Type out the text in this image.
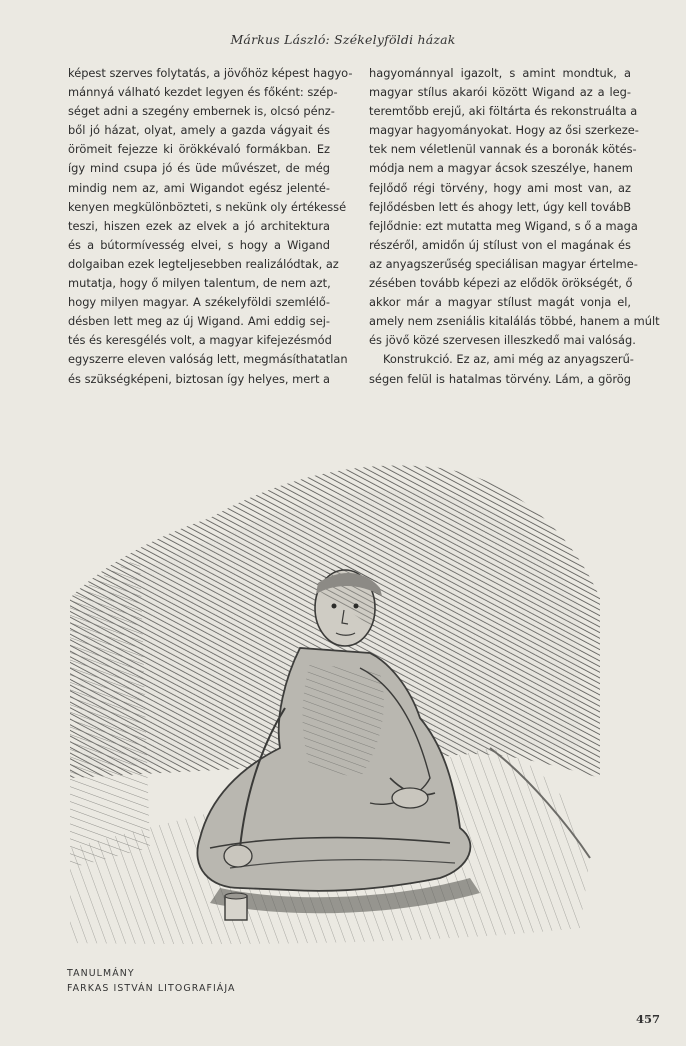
Márkus László: Székelyföldi házak

képest szerves folytatás, a jövőhöz képest hagyo-
mánnyá válható kezdet legyen és főként: szép-
séget adni a szegény embernek is, olcsó pénz-
ből jó házat, olyat, amely a gazda vágyait és
örömeit fejezze ki örökkévaló formákban. Ez
így mind csupa jó és üde művészet, de még
mindig nem az, ami Wigandot egész jelenté-
kenyen megkülönbözteti, s nekünk oly értékessé
teszi, hiszen ezek az elvek a jó architektura
és a bútormívesség elvei, s hogy a Wigand
dolgaiban ezek legteljesebben realizálódtak, az
mutatja, hogy ő milyen talentum, de nem azt,
hogy milyen magyar. A székelyföldi szemlélő-
désben lett meg az új Wigand. Ami eddig sej-
tés és keresgélés volt, a magyar kifejezésmód
egyszerre eleven valóság lett, megmásíthatatlan
és szükségképeni, biztosan így helyes, mert a

hagyománnyal igazolt, s amint mondtuk, a
magyar stílus akarói között Wigand az a leg-
teremtőbb erejű, aki föltárta és rekonstruálta a
magyar hagyományokat. Hogy az ősi szerkeze-
tek nem véletlenül vannak és a boronák kötés-
módja nem a magyar ácsok szeszélye, hanem
fejlődő régi törvény, hogy ami most van, az
fejlődésben lett és ahogy lett, úgy kell továbB
fejlődnie: ezt mutatta meg Wigand, s ő a maga
részéről, amidőn új stílust von el magának és
az anyagszerűség speciálisan magyar értelme-
zésében tovább képezi az elődök örökségét, ő
akkor már a magyar stílust magát vonja el,
amely nem zseniális kitalálás többé, hanem a múlt
és jövő közé szervesen illeszkedő mai valóság.

Konstrukció. Ez az, ami még az anyagszerű-
ségen felül is hatalmas törvény. Lám, a görög

TANULMÁNY
FARKAS ISTVÁN LITOGRAFIÁJA
457
